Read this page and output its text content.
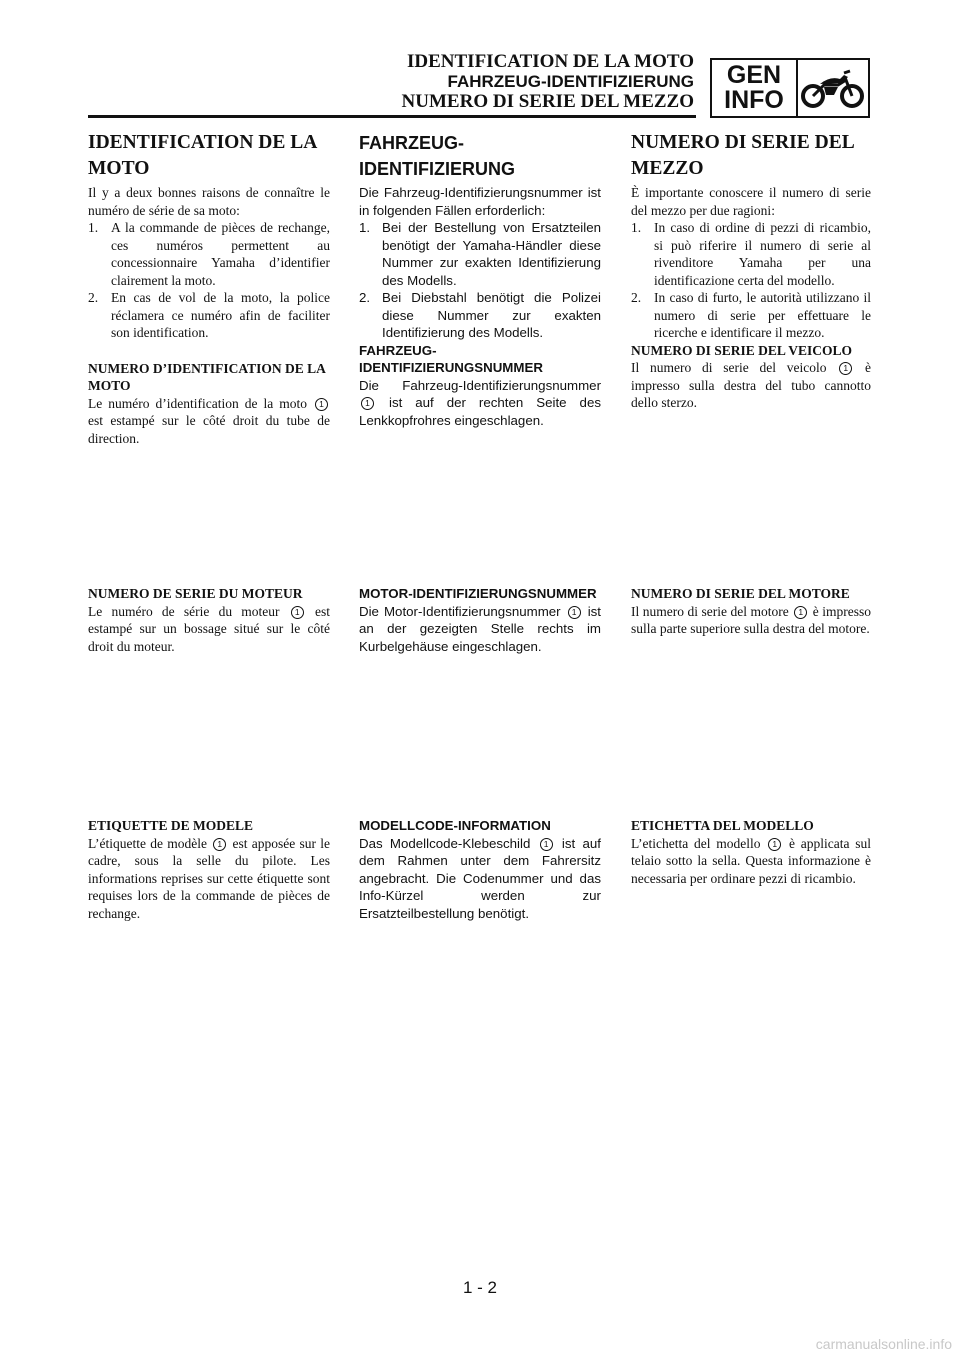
IDENTIFICATION DE LA MOTO
FAHRZEUG-IDENTIFIZIERUNG
NUMERO DI SERIE DEL MEZZO
GEN
INFO
IDENTIFICATION DE LA MOTO

Il y a deux bonnes raisons de connaître le numéro de série de sa moto:

1. A la commande de pièces de rechange, ces numéros permettent au concessionnaire Yamaha d’identifier clairement la moto.
2. En cas de vol de la moto, la police réclamera ce numéro afin de faciliter son identification.

NUMERO D’IDENTIFICATION DE LA MOTO

Le numéro d’identification de la moto 1 est estampé sur le côté droit du tube de direction.

NUMERO DE SERIE DU MOTEUR

Le numéro de série du moteur 1 est estampé sur un bossage situé sur le côté droit du moteur.

ETIQUETTE DE MODELE

L’étiquette de modèle 1 est apposée sur le cadre, sous la selle du pilote. Les informations reprises sur cette étiquette sont requises lors de la commande de pièces de rechange.

FAHRZEUG-IDENTIFIZIERUNG

Die Fahrzeug-Identifizierungsnummer ist in folgenden Fällen erforderlich:

1. Bei der Bestellung von Ersatzteilen benötigt der Yamaha-Händler diese Nummer zur exakten Identifizierung des Modells.
2. Bei Diebstahl benötigt die Polizei diese Nummer zur exakten Identifizierung des Modells.

FAHRZEUG-IDENTIFIZIERUNGSNUMMER

Die Fahrzeug-Identifizierungsnummer 1 ist auf der rechten Seite des Lenkkopfrohres eingeschlagen.

MOTOR-IDENTIFIZIERUNGSNUMMER

Die Motor-Identifizierungsnummer 1 ist an der gezeigten Stelle rechts im Kurbelgehäuse eingeschlagen.

MODELLCODE-INFORMATION

Das Modellcode-Klebeschild 1 ist auf dem Rahmen unter dem Fahrersitz angebracht. Die Codenummer und das Info-Kürzel werden zur Ersatzteilbestellung benötigt.

NUMERO DI SERIE DEL MEZZO

È importante conoscere il numero di serie del mezzo per due ragioni:

1. In caso di ordine di pezzi di ricambio, si può riferire il numero di serie al rivenditore Yamaha per una identificazione certa del modello.
2. In caso di furto, le autorità utilizzano il numero di serie per effettuare le ricerche e identificare il mezzo.

NUMERO DI SERIE DEL VEICOLO

Il numero di serie del veicolo 1 è impresso sulla destra del tubo cannotto dello sterzo.

NUMERO DI SERIE DEL MOTORE

Il numero di serie del motore 1 è impresso sulla parte superiore sulla destra del motore.

ETICHETTA DEL MODELLO

L’etichetta del modello 1 è applicata sul telaio sotto la sella. Questa informazione è necessaria per ordinare pezzi di ricambio.

1 - 2
carmanualsonline.info
